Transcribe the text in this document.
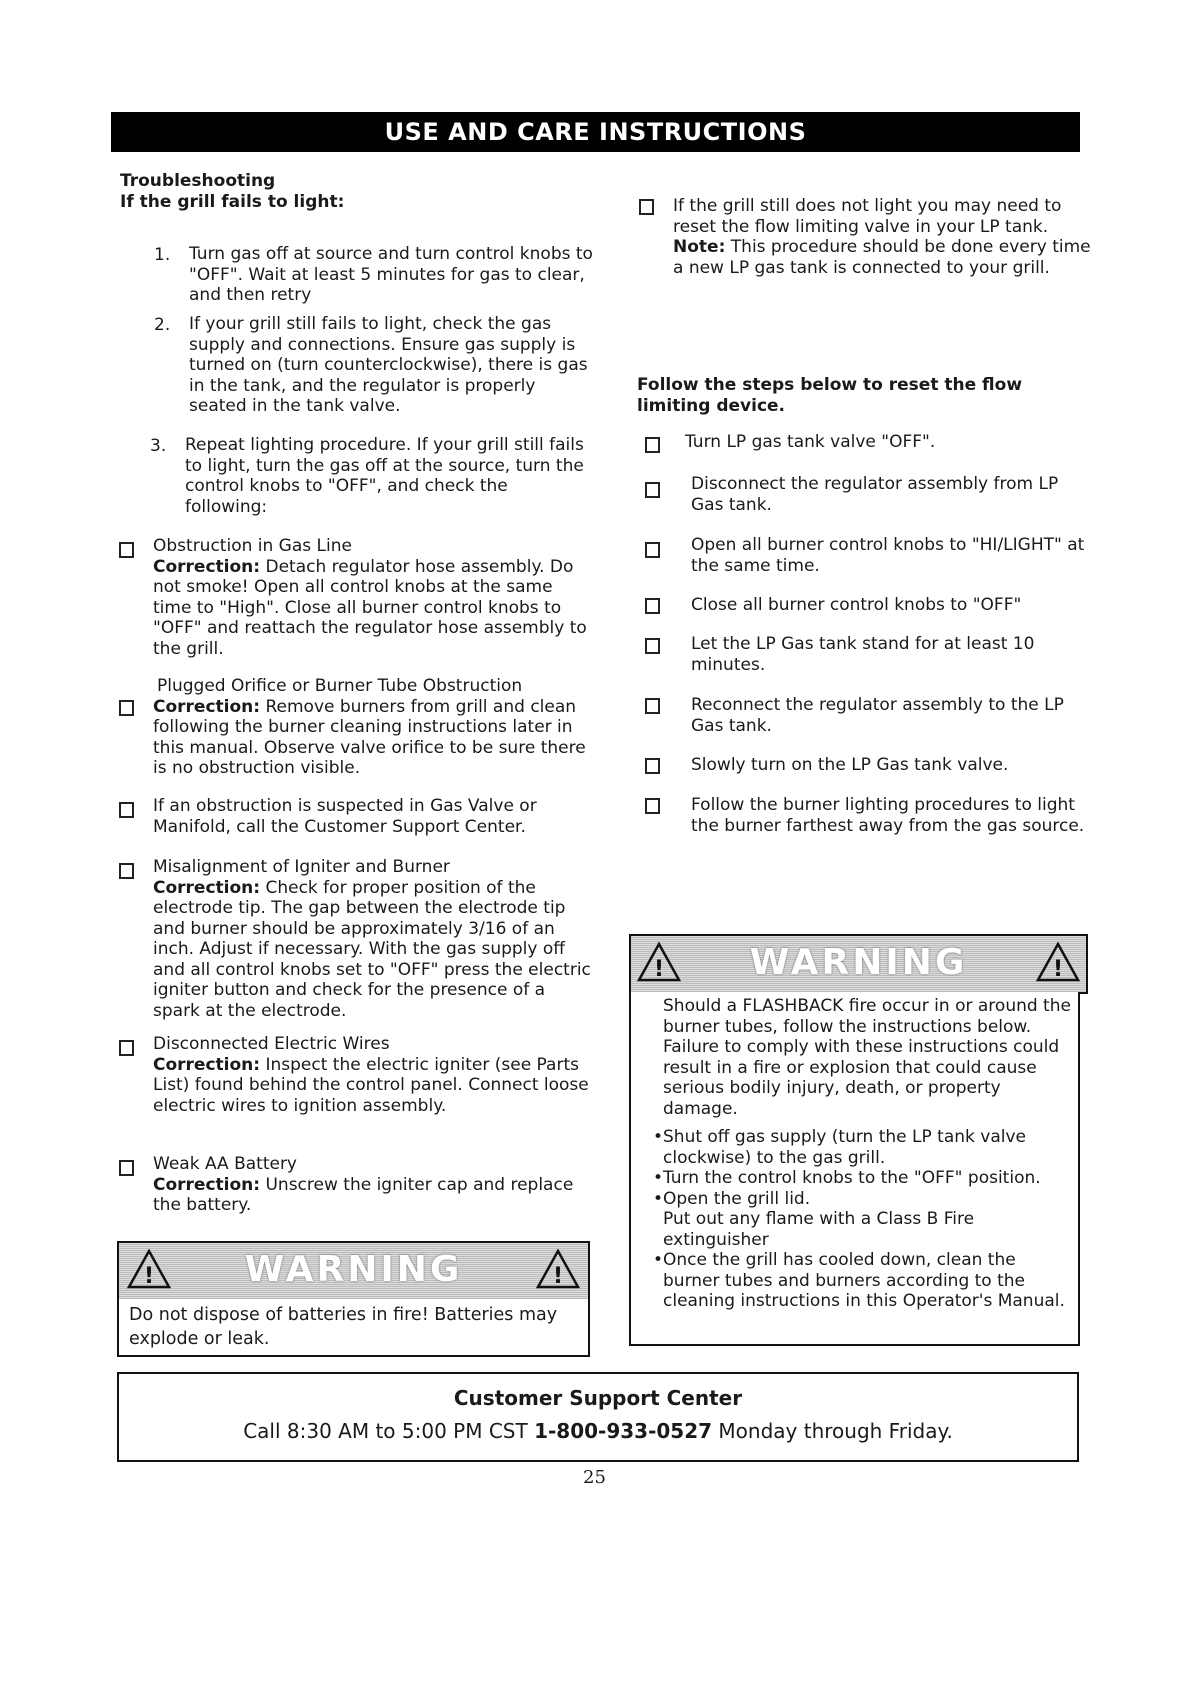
USE AND CARE INSTRUCTIONS
Troubleshooting
If the grill fails to light:
1. Turn gas off at source and turn control knobs to "OFF". Wait at least 5 minutes for gas to clear, and then retry
2. If your grill still fails to light, check the gas supply and connections. Ensure gas supply is turned on (turn counterclockwise), there is gas in the tank, and the regulator is properly seated in the tank valve.
3. Repeat lighting procedure. If your grill still fails to light, turn the gas off at the source, turn the control knobs to "OFF", and check the following:
Obstruction in Gas Line
Correction: Detach regulator hose assembly. Do not smoke! Open all control knobs at the same time to "High". Close all burner control knobs to "OFF" and reattach the regulator hose assembly to the grill.
Plugged Orifice or Burner Tube Obstruction
Correction: Remove burners from grill and clean following the burner cleaning instructions later in this manual. Observe valve orifice to be sure there is no obstruction visible.
If an obstruction is suspected in Gas Valve or Manifold, call the Customer Support Center.
Misalignment of Igniter and Burner
Correction: Check for proper position of the electrode tip. The gap between the electrode tip and burner should be approximately 3/16 of an inch. Adjust if necessary. With the gas supply off and all control knobs set to "OFF" press the electric igniter button and check for the presence of a spark at the electrode.
Disconnected Electric Wires
Correction: Inspect the electric igniter (see Parts List) found behind the control panel. Connect loose electric wires to ignition assembly.
Weak AA Battery
Correction: Unscrew the igniter cap and replace the battery.
!	WARNING	!
Do not dispose of batteries in fire! Batteries may explode or leak.
If the grill still does not light you may need to reset the flow limiting valve in your LP tank. Note: This procedure should be done every time a new LP gas tank is connected to your grill.
Follow the steps below to reset the flow limiting device.
Turn LP gas tank valve "OFF".
Disconnect the regulator assembly from LP Gas tank.
Open all burner control knobs to "HI/LIGHT" at the same time.
Close all burner control knobs to "OFF"
Let the LP Gas tank stand for at least 10 minutes.
Reconnect the regulator assembly to the LP Gas tank.
Slowly turn on the LP Gas tank valve.
Follow the burner lighting procedures to light the burner farthest away from the gas source.
! WARNING	!
Should a FLASHBACK fire occur in or around the burner tubes, follow the instructions below. Failure to comply with these instructions could result in a fire or explosion that could cause serious bodily injury, death, or property damage.
• Shut off gas supply (turn the LP tank valve clockwise) to the gas grill.
• Turn the control knobs to the "OFF" position.
• Open the grill lid.
Put out any flame with a Class B Fire extinguisher
• Once the grill has cooled down, clean the burner tubes and burners according to the cleaning instructions in this Operator's Manual.
Customer Support Center
Call 8:30 AM to 5:00 PM CST 1-800-933-0527 Monday through Friday.
25
